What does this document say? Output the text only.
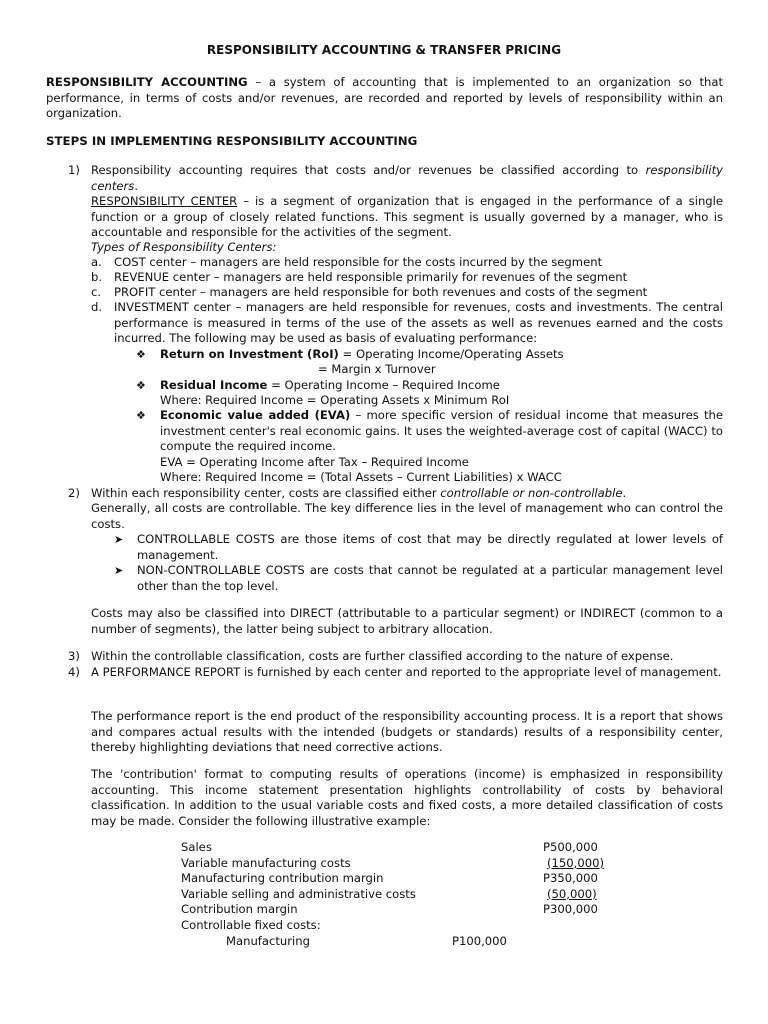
RESPONSIBILITY ACCOUNTING & TRANSFER PRICING
RESPONSIBILITY ACCOUNTING – a system of accounting that is implemented to an organization so that performance, in terms of costs and/or revenues, are recorded and reported by levels of responsibility within an organization.
STEPS IN IMPLEMENTING RESPONSIBILITY ACCOUNTING
1) Responsibility accounting requires that costs and/or revenues be classified according to responsibility centers.
RESPONSIBILITY CENTER – is a segment of organization that is engaged in the performance of a single function or a group of closely related functions. This segment is usually governed by a manager, who is accountable and responsible for the activities of the segment.
Types of Responsibility Centers:
a. COST center – managers are held responsible for the costs incurred by the segment
b. REVENUE center – managers are held responsible primarily for revenues of the segment
c. PROFIT center – managers are held responsible for both revenues and costs of the segment
d. INVESTMENT center – managers are held responsible for revenues, costs and investments. The central performance is measured in terms of the use of the assets as well as revenues earned and the costs incurred. The following may be used as basis of evaluating performance:
❖ Return on Investment (RoI) = Operating Income/Operating Assets
= Margin x Turnover
❖ Residual Income = Operating Income – Required Income
Where: Required Income = Operating Assets x Minimum RoI
❖ Economic value added (EVA) – more specific version of residual income that measures the investment center's real economic gains. It uses the weighted-average cost of capital (WACC) to compute the required income.
EVA = Operating Income after Tax – Required Income
Where: Required Income = (Total Assets – Current Liabilities) x WACC
2) Within each responsibility center, costs are classified either controllable or non-controllable.
Generally, all costs are controllable. The key difference lies in the level of management who can control the costs.
➤ CONTROLLABLE COSTS are those items of cost that may be directly regulated at lower levels of management.
➤ NON-CONTROLLABLE COSTS are costs that cannot be regulated at a particular management level other than the top level.
Costs may also be classified into DIRECT (attributable to a particular segment) or INDIRECT (common to a number of segments), the latter being subject to arbitrary allocation.
3) Within the controllable classification, costs are further classified according to the nature of expense.
4) A PERFORMANCE REPORT is furnished by each center and reported to the appropriate level of management.
The performance report is the end product of the responsibility accounting process. It is a report that shows and compares actual results with the intended (budgets or standards) results of a responsibility center, thereby highlighting deviations that need corrective actions.
The 'contribution' format to computing results of operations (income) is emphasized in responsibility accounting. This income statement presentation highlights controllability of costs by behavioral classification. In addition to the usual variable costs and fixed costs, a more detailed classification of costs may be made. Consider the following illustrative example:
Sales	P500,000
Variable manufacturing costs	(150,000)
Manufacturing contribution margin	P350,000
Variable selling and administrative costs	(50,000)
Contribution margin	P300,000
Controllable fixed costs:	
Manufacturing	P100,000
